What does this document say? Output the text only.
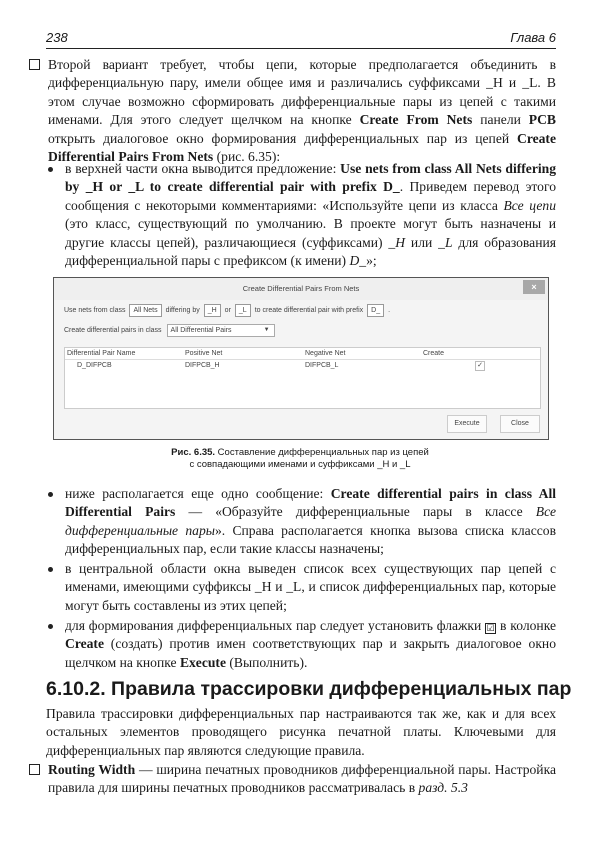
238	Глава 6
Второй вариант требует, чтобы цепи, которые предполагается объединить в дифференциальную пару, имели общее имя и различались суффиксами _H и _L. В этом случае возможно сформировать дифференциальные пары из цепей с такими именами. Для этого следует щелчком на кнопке Create From Nets панели PCB открыть диалоговое окно формирования дифференциальных пар из цепей Create Differential Pairs From Nets (рис. 6.35):
в верхней части окна выводится предложение: Use nets from class All Nets differing by _H or _L to create differential pair with prefix D_. Приведем перевод этого сообщения с некоторыми комментариями: «Используйте цепи из класса Все цепи (это класс, существующий по умолчанию. В проекте могут быть назначены и другие классы цепей), различающиеся (суффиксами) _H или _L для образования дифференциальной пары с префиксом (к имени) D_»;
Create Differential Pairs From Nets	×
Use nets from class	All Nets	differing by	_H	or	_L	to create differential pair with prefix	D_	.
Create differential pairs in class	All Differential Pairs	▼
Differential Pair Name	Positive Net	Negative Net	Create
D_DIFPCB	DIFPCB_H	DIFPCB_L	✓
Execute	Close
Рис. 6.35. Составление дифференциальных пар из цепей
с совпадающими именами и суффиксами _H и _L
ниже располагается еще одно сообщение: Create differential pairs in class All Differential Pairs — «Образуйте дифференциальные пары в классе Все дифференциальные пары». Справа располагается кнопка вызова списка классов дифференциальных пар, если такие классы назначены;
в центральной области окна выведен список всех существующих пар цепей с именами, имеющими суффиксы _H и _L, и список дифференциальных пар, которые могут быть составлены из этих цепей;
для формирования дифференциальных пар следует установить флажки ☑ в колонке Create (создать) против имен соответствующих пар и закрыть диалоговое окно щелчком на кнопке Execute (Выполнить).
6.10.2. Правила трассировки дифференциальных пар
Правила трассировки дифференциальных пар настраиваются так же, как и для всех остальных элементов проводящего рисунка печатной платы. Ключевыми для дифференциальных пар являются следующие правила.
Routing Width — ширина печатных проводников дифференциальной пары. Настройка правила для ширины печатных проводников рассматривалась в разд. 5.3
